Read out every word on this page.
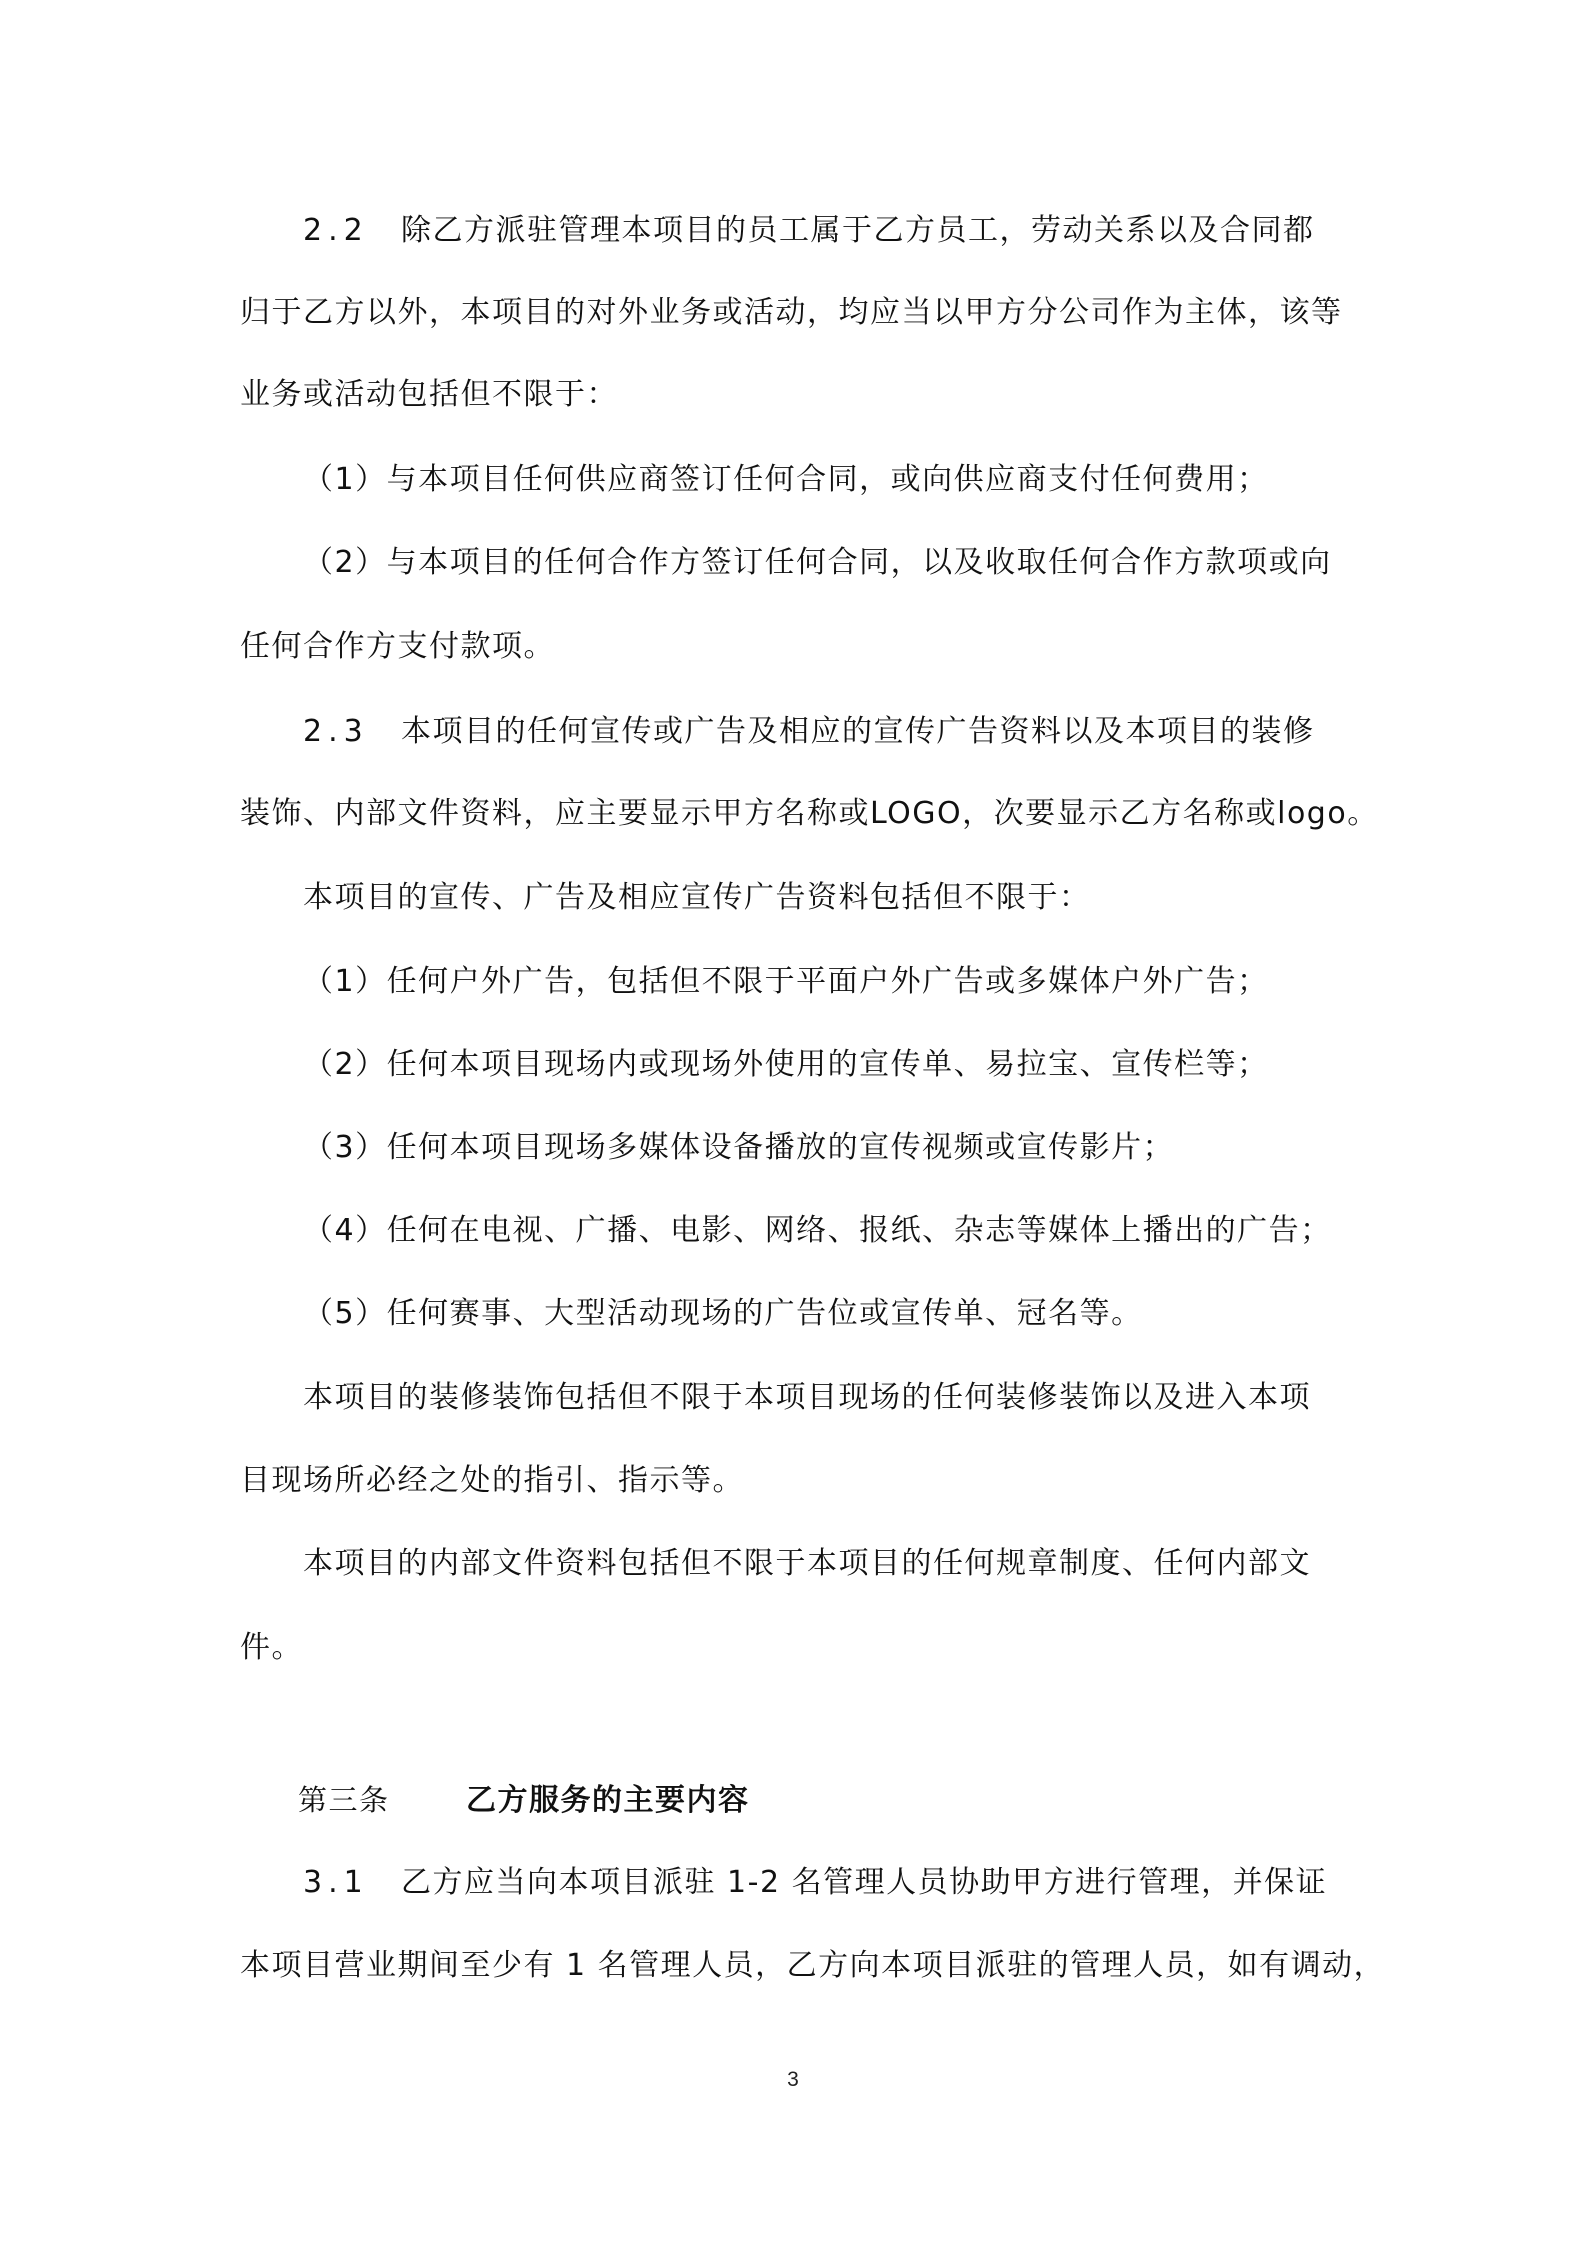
2.2 除乙方派驻管理本项目的员工属于乙方员工，劳动关系以及合同都
归于乙方以外，本项目的对外业务或活动，均应当以甲方分公司作为主体，该等
业务或活动包括但不限于：
（1）与本项目任何供应商签订任何合同，或向供应商支付任何费用；
（2）与本项目的任何合作方签订任何合同，以及收取任何合作方款项或向
任何合作方支付款项。
2.3 本项目的任何宣传或广告及相应的宣传广告资料以及本项目的装修
装饰、内部文件资料，应主要显示甲方名称或LOGO，次要显示乙方名称或logo。
本项目的宣传、广告及相应宣传广告资料包括但不限于：
（1）任何户外广告，包括但不限于平面户外广告或多媒体户外广告；
（2）任何本项目现场内或现场外使用的宣传单、易拉宝、宣传栏等；
（3）任何本项目现场多媒体设备播放的宣传视频或宣传影片；
（4）任何在电视、广播、电影、网络、报纸、杂志等媒体上播出的广告；
（5）任何赛事、大型活动现场的广告位或宣传单、冠名等。
本项目的装修装饰包括但不限于本项目现场的任何装修装饰以及进入本项
目现场所必经之处的指引、指示等。
本项目的内部文件资料包括但不限于本项目的任何规章制度、任何内部文
件。
第三条	乙方服务的主要内容
3.1 乙方应当向本项目派驻 1-2 名管理人员协助甲方进行管理，并保证
本项目营业期间至少有 1 名管理人员，乙方向本项目派驻的管理人员，如有调动，
3
